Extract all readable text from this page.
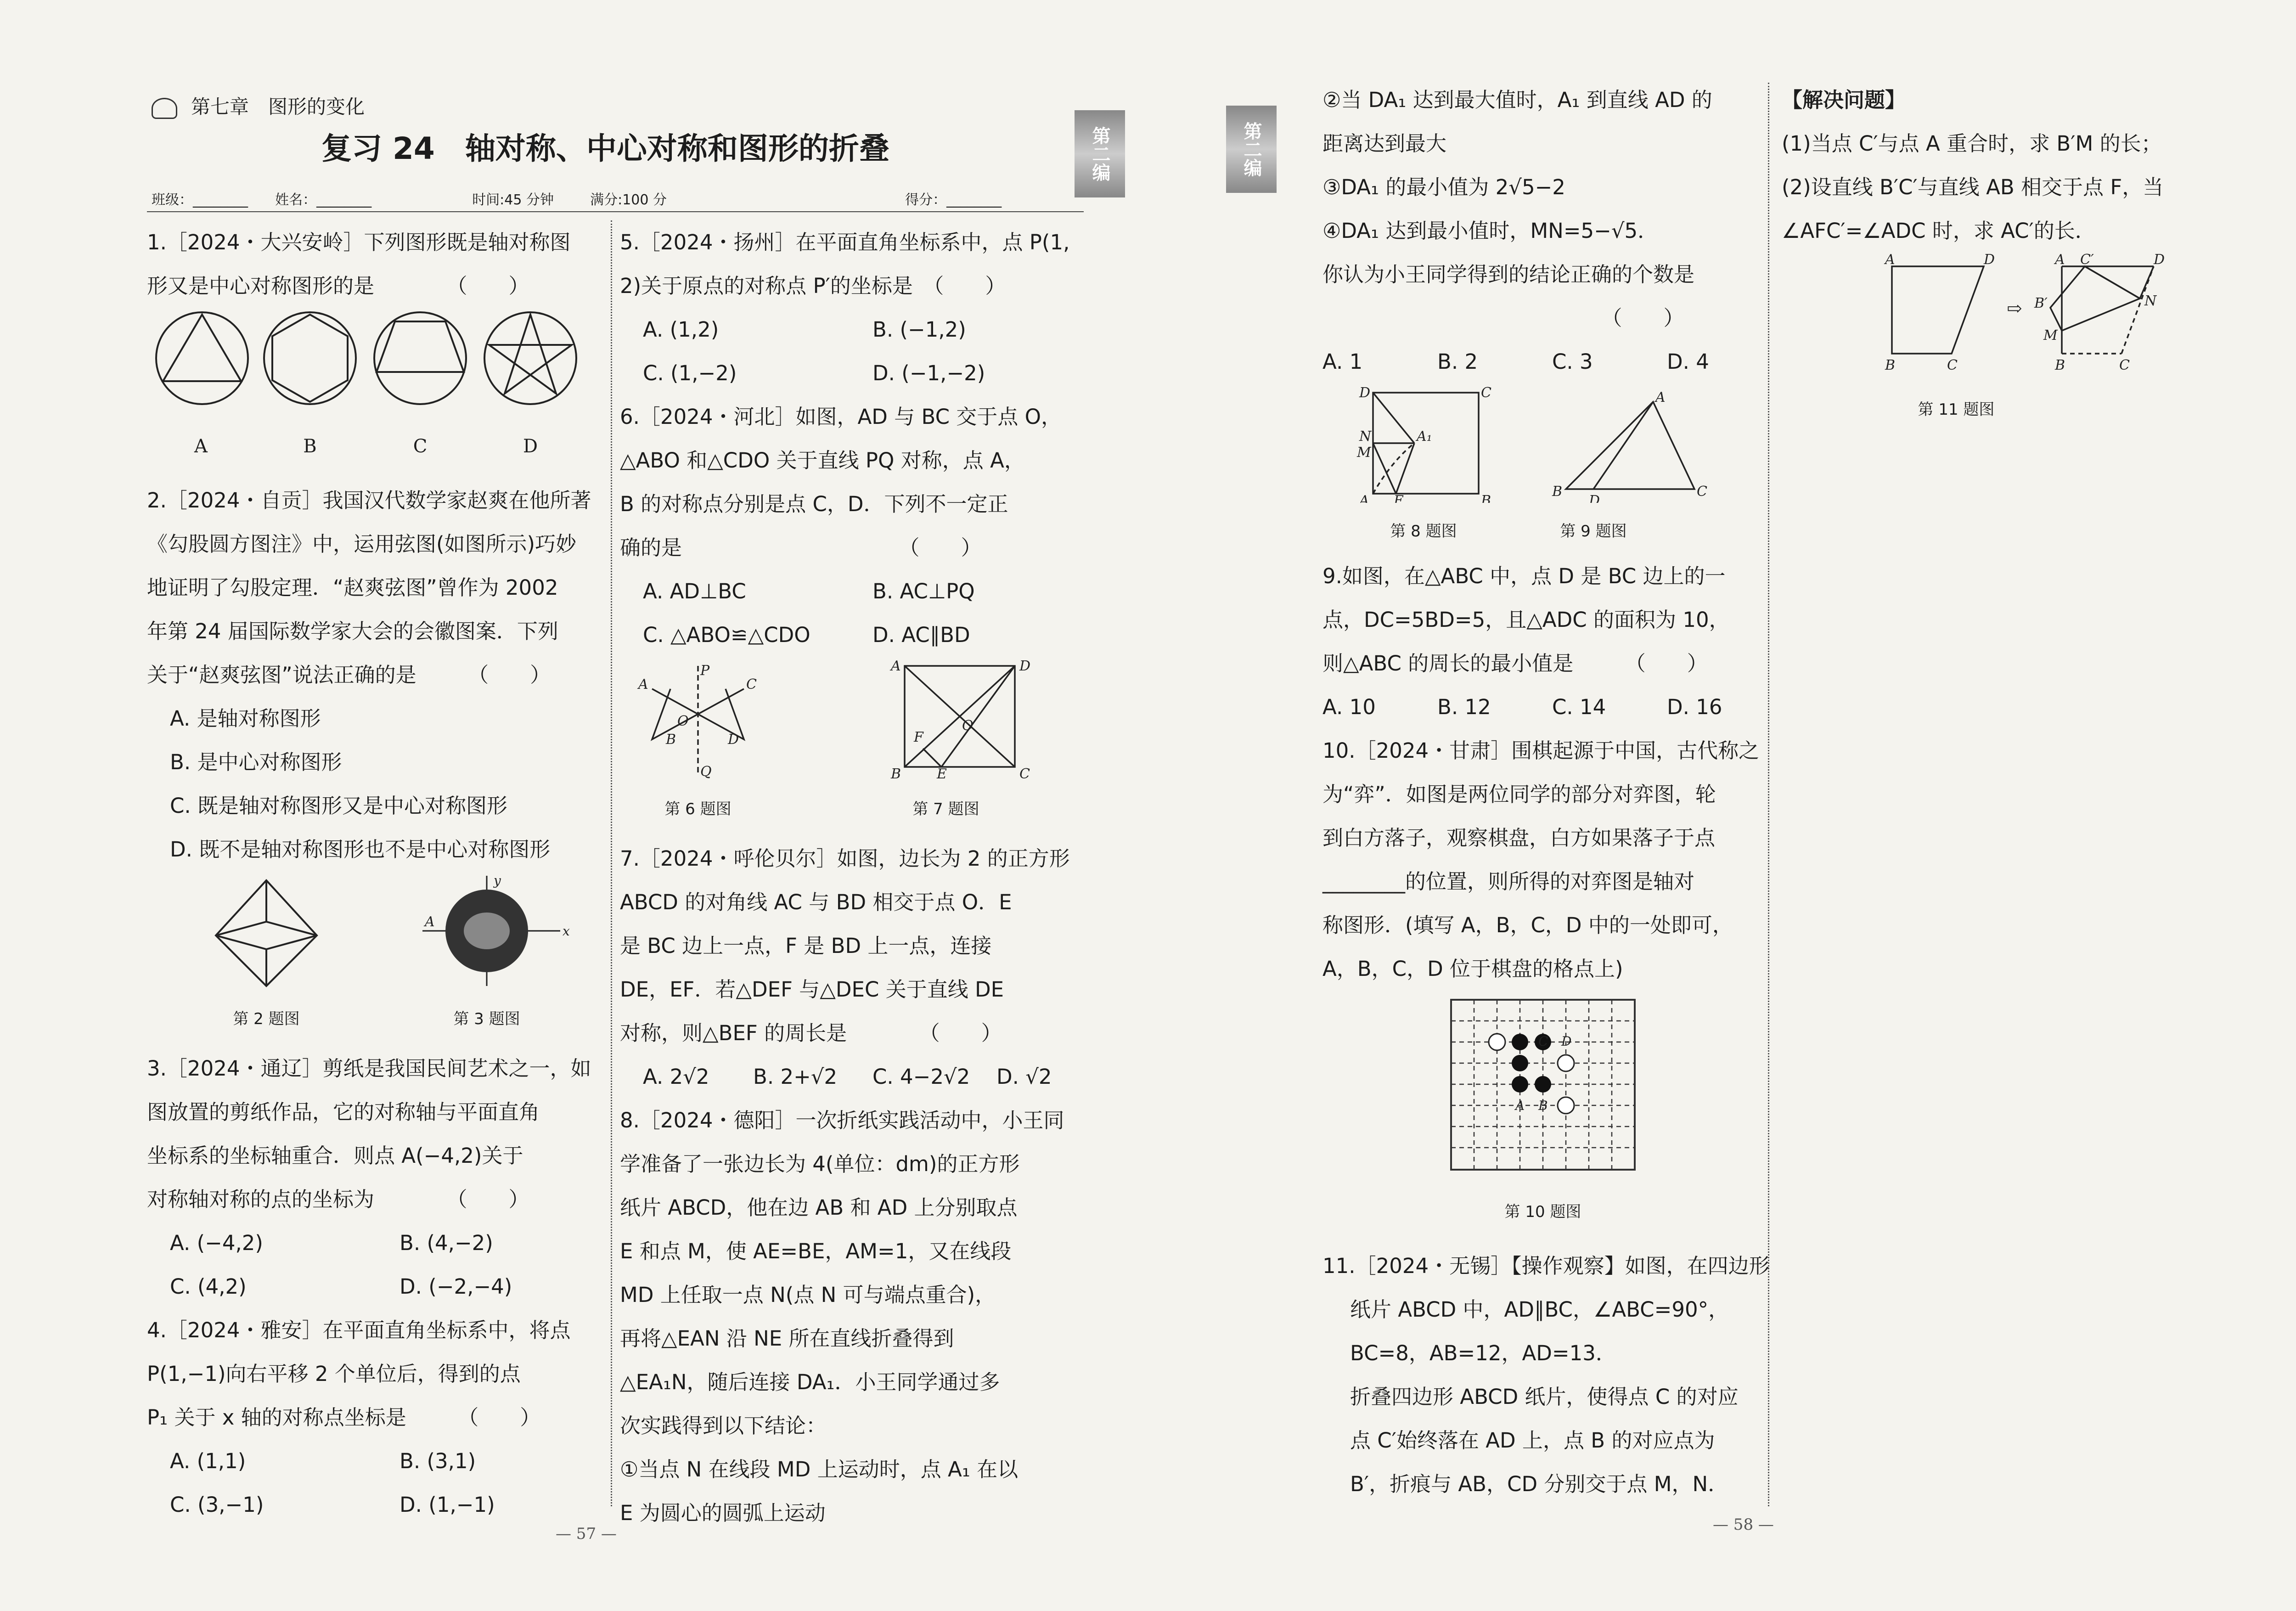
第七章　图形的变化
复习 24　轴对称、中心对称和图形的折叠	第二编
班级：________ 姓名：________	时间:45 分钟	满分:100 分	得分：________

1.［2024・大兴安岭］下列图形既是轴对称图

形又是中心对称图形的是　　　　（　　）

A	B	C	D

2.［2024・自贡］我国汉代数学家赵爽在他所著

《勾股圆方图注》中，运用弦图(如图所示)巧妙

地证明了勾股定理．“赵爽弦图”曾作为 2002

年第 24 届国际数学家大会的会徽图案．下列

关于“赵爽弦图”说法正确的是　　　（　　）

A. 是轴对称图形

B. 是中心对称图形

C. 既是轴对称图形又是中心对称图形

D. 既不是轴对称图形也不是中心对称图形

A
y
x
第 2 题图	第 3 题图

3.［2024・通辽］剪纸是我国民间艺术之一，如

图放置的剪纸作品，它的对称轴与平面直角

坐标系的坐标轴重合．则点 A(−4,2)关于

对称轴对称的点的坐标为　　　　（　　）

A. (−4,2)	B. (4,−2)
C. (4,2)	D. (−2,−4)

4.［2024・雅安］在平面直角坐标系中，将点

P(1,−1)向右平移 2 个单位后，得到的点

P₁ 关于 x 轴的对称点坐标是　　　（　　）

A. (1,1)	B. (3,1)
C. (3,−1)	D. (1,−1)

5.［2024・扬州］在平面直角坐标系中，点 P(1,

2)关于原点的对称点 P′的坐标是　（　　）

A. (1,2)	B. (−1,2)
C. (1,−2)	D. (−1,−2)

6.［2024・河北］如图，AD 与 BC 交于点 O，

△ABO 和△CDO 关于直线 PQ 对称，点 A，

B 的对称点分别是点 C，D．下列不一定正

确的是　　　　　　　　　　　（　　）

A. AD⊥BC	B. AC⊥PQ
C. △ABO≌△CDO	D. AC∥BD
A
B
C
D
P
Q
O
A	D
B	C
E
F
O
第 6 题图	第 7 题图

7.［2024・呼伦贝尔］如图，边长为 2 的正方形

ABCD 的对角线 AC 与 BD 相交于点 O．E

是 BC 边上一点，F 是 BD 上一点，连接

DE，EF．若△DEF 与△DEC 关于直线 DE

对称，则△BEF 的周长是　　　　（　　）

A. 2√2	B. 2+√2	C. 4−2√2	D. √2

8.［2024・德阳］一次折纸实践活动中，小王同

学准备了一张边长为 4(单位：dm)的正方形

纸片 ABCD，他在边 AB 和 AD 上分别取点

E 和点 M，使 AE=BE，AM=1，又在线段

MD 上任取一点 N(点 N 可与端点重合)，

再将△EAN 沿 NE 所在直线折叠得到

△EA₁N，随后连接 DA₁．小王同学通过多

次实践得到以下结论：

①当点 N 在线段 MD 上运动时，点 A₁ 在以

E 为圆心的圆弧上运动

— 57 —
第二编

②当 DA₁ 达到最大值时，A₁ 到直线 AD 的

距离达到最大

③DA₁ 的最小值为 2√5−2

④DA₁ 达到最小值时，MN=5−√5．

你认为小王同学得到的结论正确的个数是

　　　　　　　　　　　　　　（　　）

A. 1	B. 2	C. 3	D. 4
D	C
A	B
E
N
M
A₁
B
D
C
A
第 8 题图	第 9 题图

9.如图，在△ABC 中，点 D 是 BC 边上的一

点，DC=5BD=5，且△ADC 的面积为 10，

则△ABC 的周长的最小值是　　　（　　）

A. 10	B. 12	C. 14	D. 16

10.［2024・甘肃］围棋起源于中国，古代称之

为“弈”．如图是两位同学的部分对弈图，轮

到白方落子，观察棋盘，白方如果落子于点

________的位置，则所得的对弈图是轴对

称图形．(填写 A，B，C，D 中的一处即可，

A，B，C，D 位于棋盘的格点上)

C D
A B
第 10 题图

11.［2024・无锡］【操作观察】如图，在四边形

纸片 ABCD 中，AD∥BC，∠ABC=90°，

BC=8，AB=12，AD=13．

折叠四边形 ABCD 纸片，使得点 C 的对应

点 C′始终落在 AD 上，点 B 的对应点为

B′，折痕与 AB，CD 分别交于点 M，N．

— 58 —

【解决问题】

(1)当点 C′与点 A 重合时，求 B′M 的长；

(2)设直线 B′C′与直线 AB 相交于点 F，当

∠AFC′=∠ADC 时，求 AC′的长．

A	D
B	C
⇨
A C′	D
B′
M
N
B	C
第 11 题图
